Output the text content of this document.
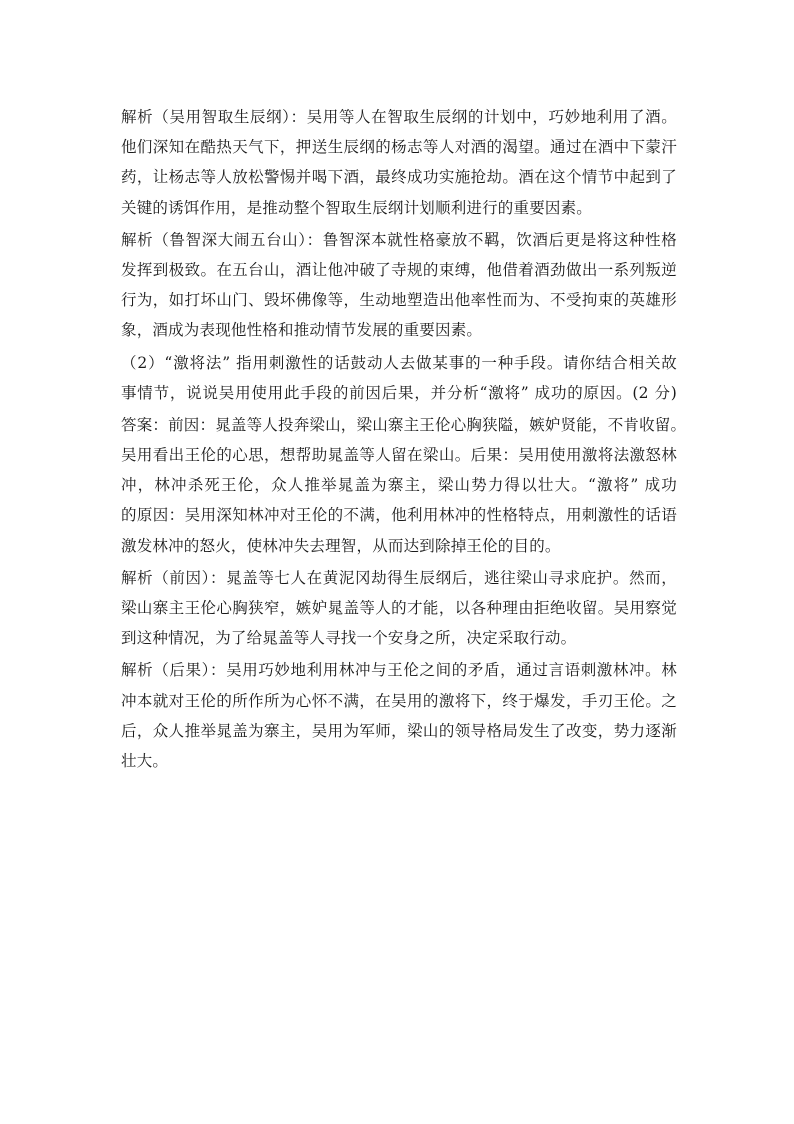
解析（吴用智取生辰纲）：吴用等人在智取生辰纲的计划中，巧妙地利用了酒。
他们深知在酷热天气下，押送生辰纲的杨志等人对酒的渴望。通过在酒中下蒙汗
药，让杨志等人放松警惕并喝下酒，最终成功实施抢劫。酒在这个情节中起到了
关键的诱饵作用，是推动整个智取生辰纲计划顺利进行的重要因素。
解析（鲁智深大闹五台山）：鲁智深本就性格豪放不羁，饮酒后更是将这种性格
发挥到极致。在五台山，酒让他冲破了寺规的束缚，他借着酒劲做出一系列叛逆
行为，如打坏山门、毁坏佛像等，生动地塑造出他率性而为、不受拘束的英雄形
象，酒成为表现他性格和推动情节发展的重要因素。
（2）“激将法” 指用刺激性的话鼓动人去做某事的一种手段。请你结合相关故
事情节，说说吴用使用此手段的前因后果，并分析“激将” 成功的原因。(2 分)
答案：前因：晁盖等人投奔梁山，梁山寨主王伦心胸狭隘，嫉妒贤能，不肯收留。
吴用看出王伦的心思，想帮助晁盖等人留在梁山。后果：吴用使用激将法激怒林
冲，林冲杀死王伦，众人推举晁盖为寨主，梁山势力得以壮大。“激将” 成功
的原因：吴用深知林冲对王伦的不满，他利用林冲的性格特点，用刺激性的话语
激发林冲的怒火，使林冲失去理智，从而达到除掉王伦的目的。
解析（前因）：晁盖等七人在黄泥冈劫得生辰纲后，逃往梁山寻求庇护。然而，
梁山寨主王伦心胸狭窄，嫉妒晁盖等人的才能，以各种理由拒绝收留。吴用察觉
到这种情况，为了给晁盖等人寻找一个安身之所，决定采取行动。
解析（后果）：吴用巧妙地利用林冲与王伦之间的矛盾，通过言语刺激林冲。林
冲本就对王伦的所作所为心怀不满，在吴用的激将下，终于爆发，手刃王伦。之
后，众人推举晁盖为寨主，吴用为军师，梁山的领导格局发生了改变，势力逐渐
壮大。
